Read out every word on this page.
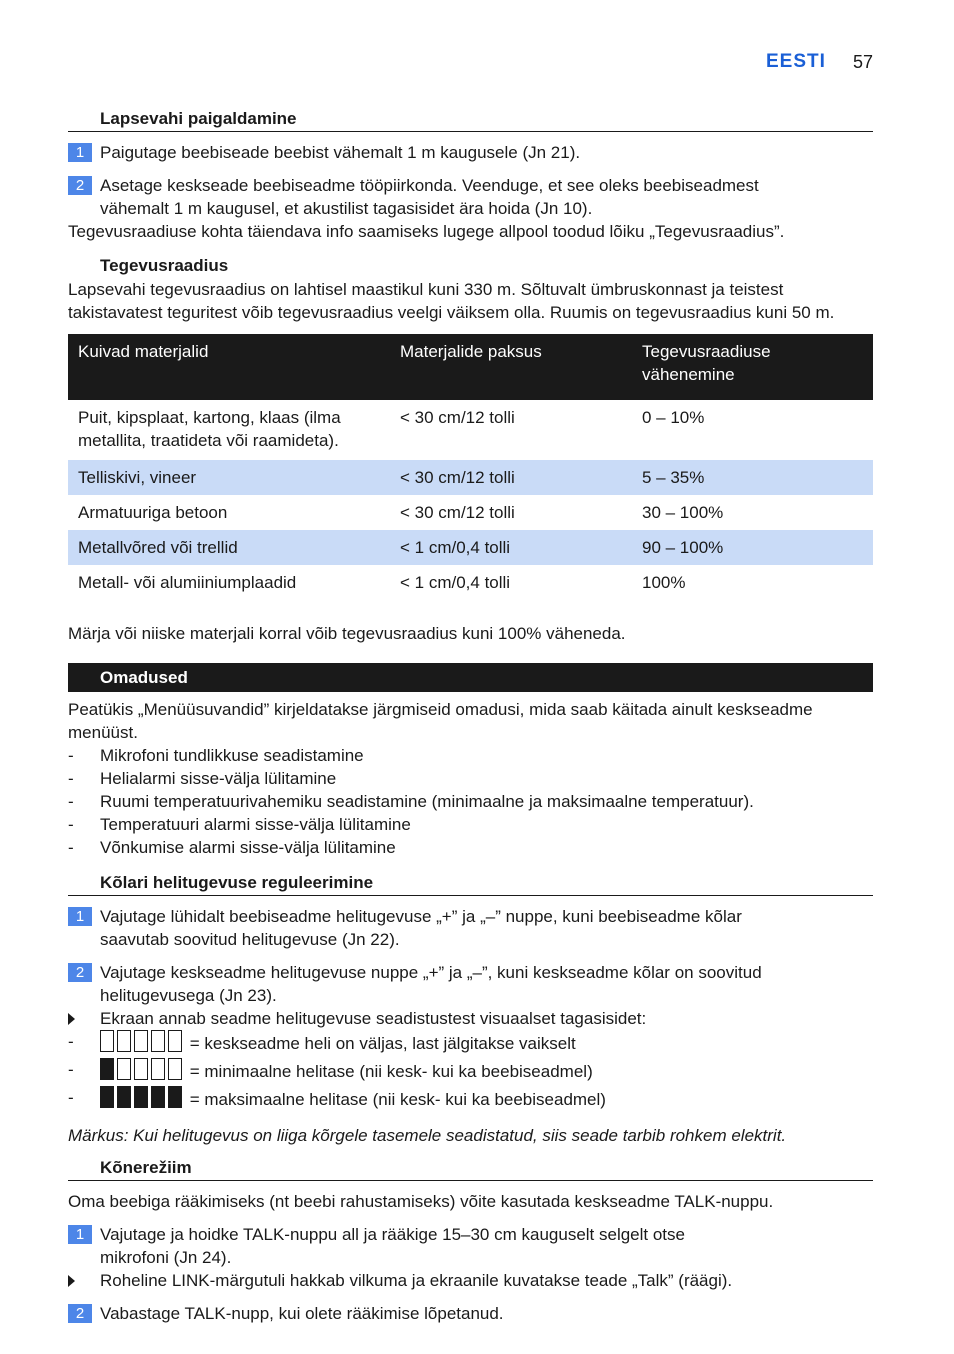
EESTI 57
Lapsevahi paigaldamine
1 Paigutage beebiseade beebist vähemalt 1 m kaugusele (Jn 21).
2 Asetage keskseade beebiseadme tööpiirkonda. Veenduge, et see oleks beebiseadmest
vähemalt 1 m kaugusel, et akustilist tagasisidet ära hoida (Jn 10).

Tegevusraadiuse kohta täiendava info saamiseks lugege allpool toodud lõiku „Tegevusraadius”.

Tegevusraadius

Lapsevahi tegevusraadius on lahtisel maastikul kuni 330 m. Sõltuvalt ümbruskonnast ja teistest

takistavatest teguritest võib tegevusraadius veelgi väiksem olla. Ruumis on tegevusraadius kuni 50 m.

Kuivad materjalid	Materjalide paksus	Tegevusraadiuse
vähenemine
Puit, kipsplaat, kartong, klaas (ilma
metallita, traatideta või raamideta).	< 30 cm/12 tolli	0 – 10%
Telliskivi, vineer	< 30 cm/12 tolli	5 – 35%
Armatuuriga betoon	< 30 cm/12 tolli	30 – 100%
Metallvõred või trellid	< 1 cm/0,4 tolli	90 – 100%
Metall- või alumiiniumplaadid	< 1 cm/0,4 tolli	100%

Märja või niiske materjali korral võib tegevusraadius kuni 100% väheneda.

Omadused

Peatükis „Menüüsuvandid” kirjeldatakse järgmiseid omadusi, mida saab käitada ainult keskseadme

menüüst.

- Mikrofoni tundlikkuse seadistamine
- Helialarmi sisse-välja lülitamine
- Ruumi temperatuurivahemiku seadistamine (minimaalne ja maksimaalne temperatuur).
- Temperatuuri alarmi sisse-välja lülitamine
- Võnkumise alarmi sisse-välja lülitamine
Kõlari helitugevuse reguleerimine
1 Vajutage lühidalt beebiseadme helitugevuse „+” ja „–” nuppe, kuni beebiseadme kõlar
saavutab soovitud helitugevuse (Jn 22).
2 Vajutage keskseadme helitugevuse nuppe „+” ja „–”, kuni keskseadme kõlar on soovitud
helitugevusega (Jn 23).
Ekraan annab seadme helitugevuse seadistustest visuaalset tagasisidet:
-	= keskseadme heli on väljas, last jälgitakse vaikselt
-	= minimaalne helitase (nii kesk- kui ka beebiseadmel)
-	= maksimaalne helitase (nii kesk- kui ka beebiseadmel)

Märkus: Kui helitugevus on liiga kõrgele tasemele seadistatud, siis seade tarbib rohkem elektrit.

Kõnerežiim

Oma beebiga rääkimiseks (nt beebi rahustamiseks) võite kasutada keskseadme TALK-nuppu.

1 Vajutage ja hoidke TALK-nuppu all ja rääkige 15–30 cm kauguselt selgelt otse
mikrofoni (Jn 24).
Roheline LINK-märgutuli hakkab vilkuma ja ekraanile kuvatakse teade „Talk” (räägi).
2 Vabastage TALK-nupp, kui olete rääkimise lõpetanud.
